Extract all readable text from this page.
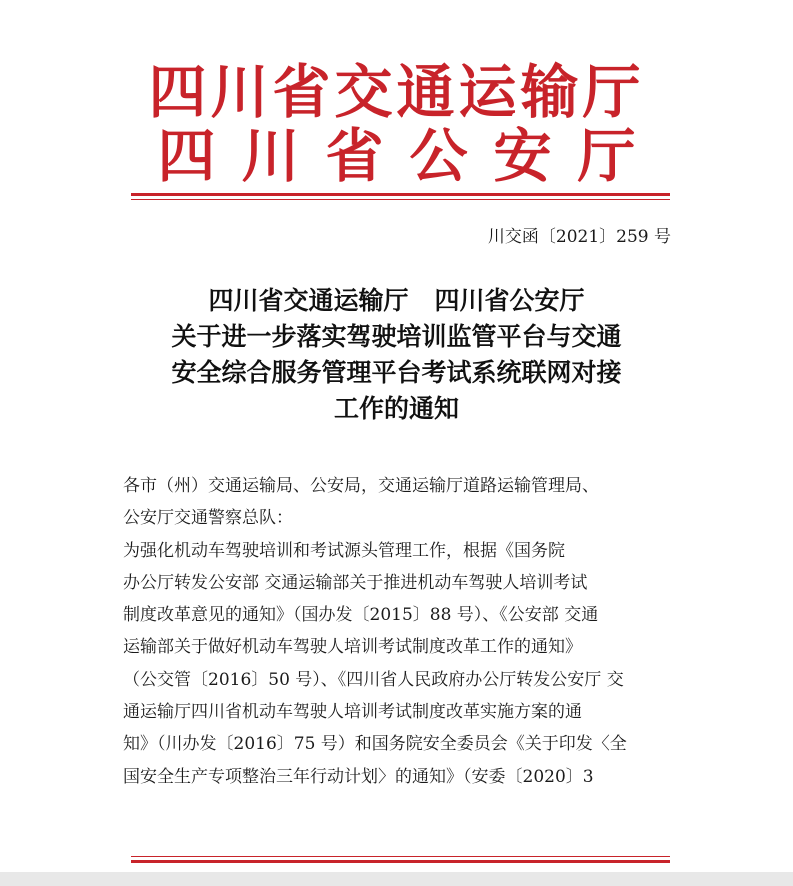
四川省交通运输厅
四川省公安厅
川交函〔2021〕259 号
四川省交通运输厅   四川省公安厅
关于进一步落实驾驶培训监管平台与交通
安全综合服务管理平台考试系统联网对接
工作的通知
各市（州）交通运输局、公安局，交通运输厅道路运输管理局、
公安厅交通警察总队：
为强化机动车驾驶培训和考试源头管理工作，根据《国务院
办公厅转发公安部 交通运输部关于推进机动车驾驶人培训考试
制度改革意见的通知》（国办发〔2015〕88 号）、《公安部 交通
运输部关于做好机动车驾驶人培训考试制度改革工作的通知》
（公交管〔2016〕50 号）、《四川省人民政府办公厅转发公安厅 交
通运输厅四川省机动车驾驶人培训考试制度改革实施方案的通
知》（川办发〔2016〕75 号）和国务院安全委员会《关于印发〈全
国安全生产专项整治三年行动计划〉的通知》（安委〔2020〕3
